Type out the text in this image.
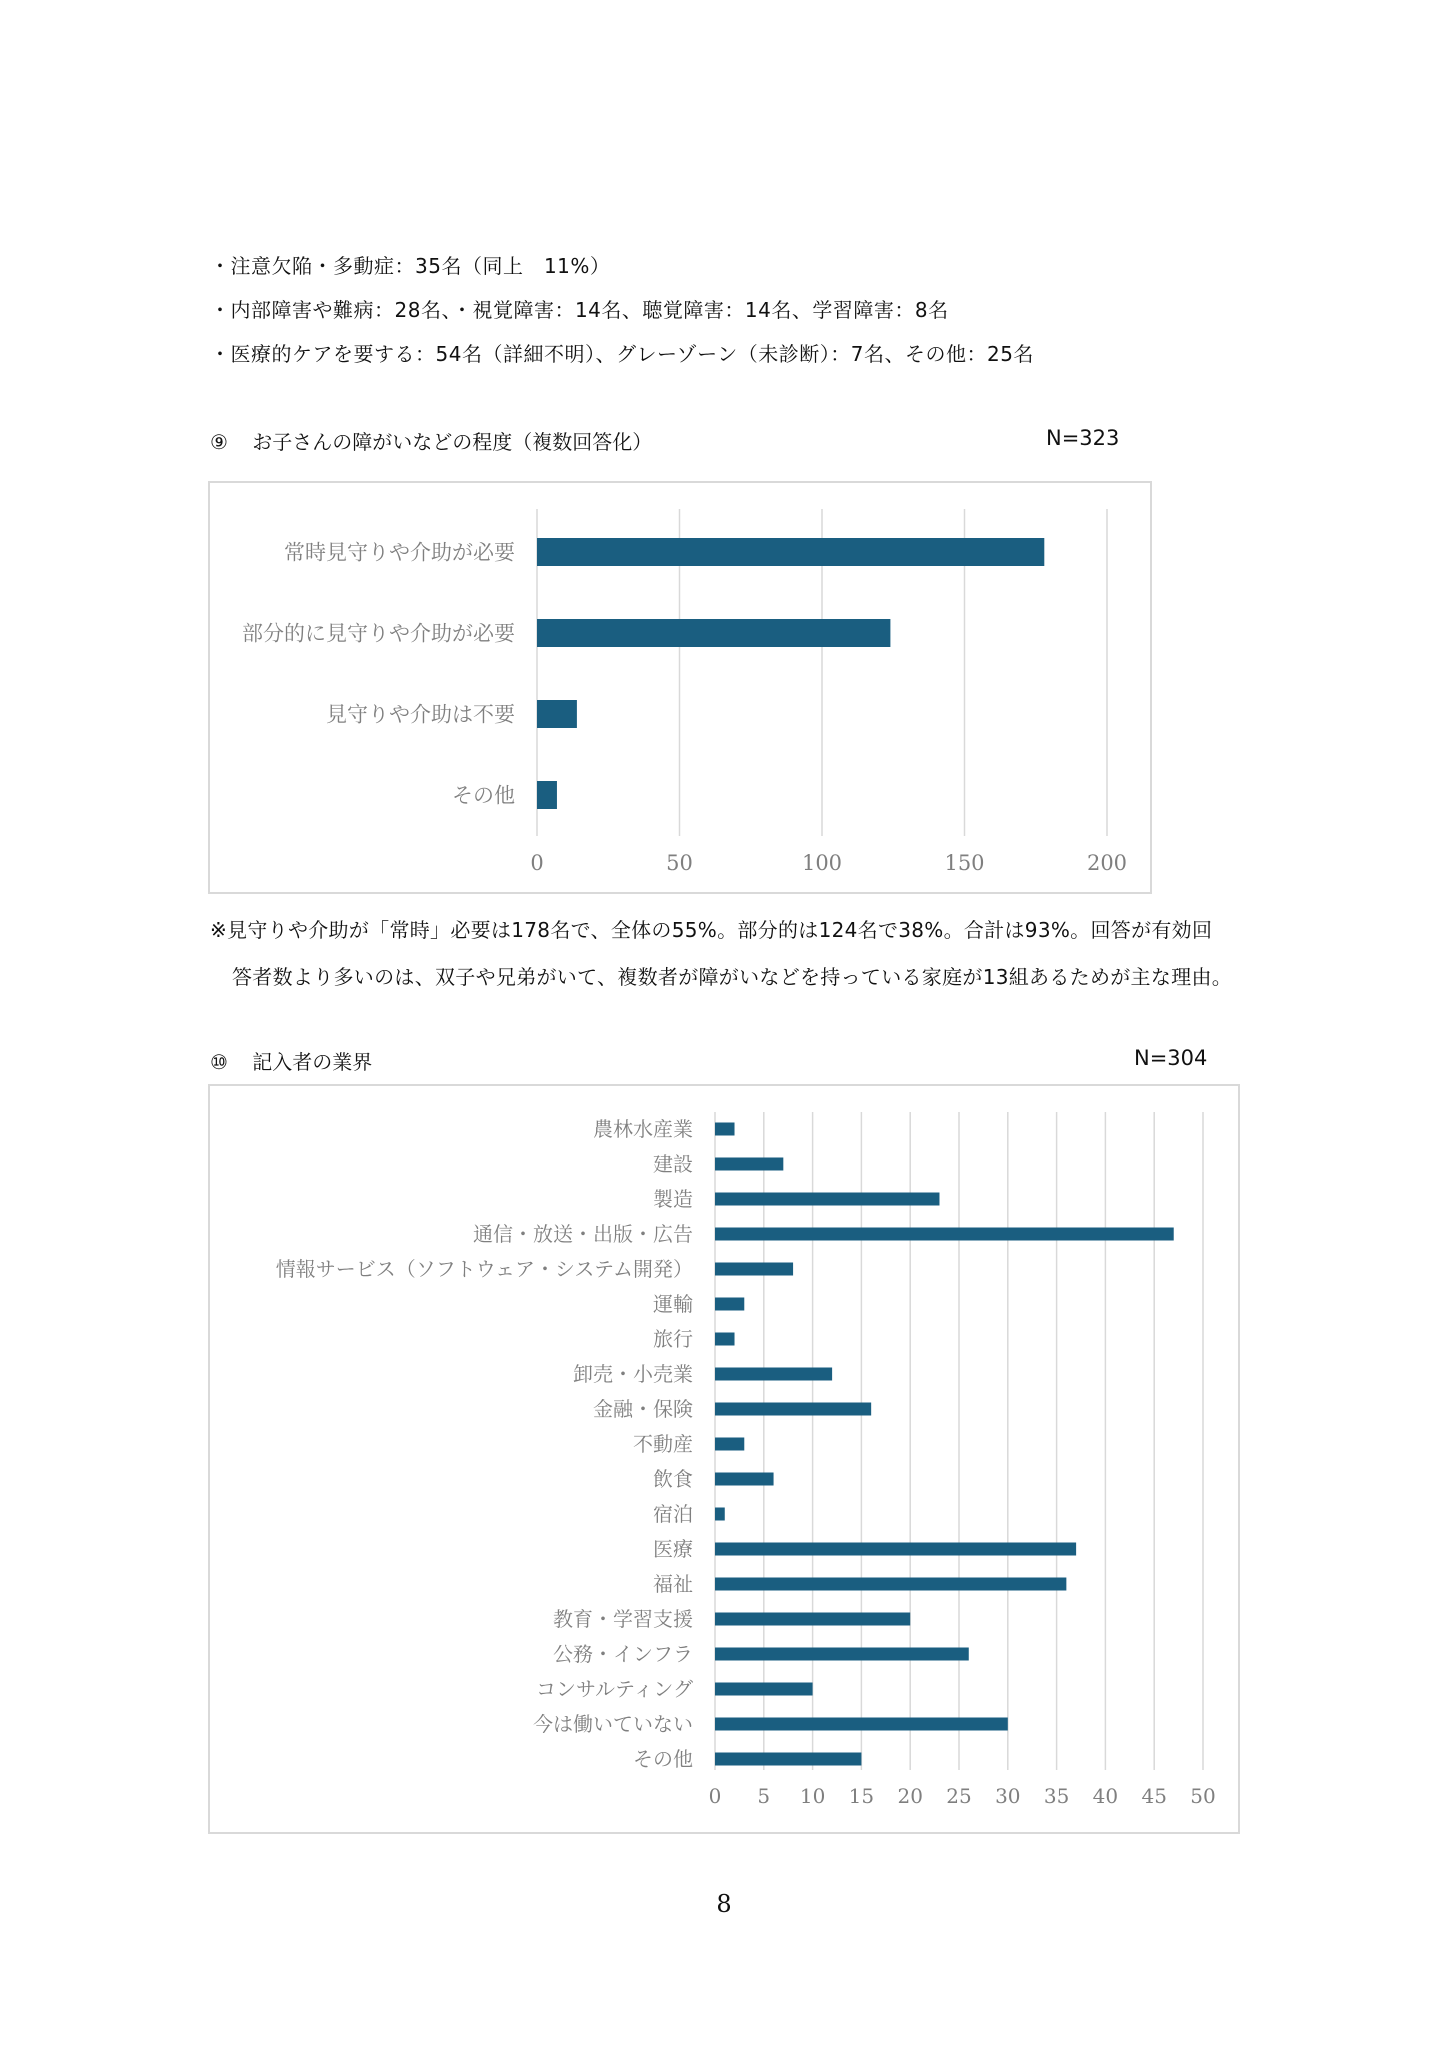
・注意欠陥・多動症：35名（同上　11%）
・内部障害や難病：28名、・視覚障害：14名、聴覚障害：14名、学習障害：8名
・医療的ケアを要する：54名（詳細不明）、グレーゾーン（未診断）：7名、その他：25名
⑨ お子さんの障がいなどの程度（複数回答化）	N=323
0	50	100	150	200
常時見守りや介助が必要
部分的に見守りや介助が必要
見守りや介助は不要
その他
※見守りや介助が「常時」必要は178名で、全体の55%。部分的は124名で38%。合計は93%。回答が有効回
答者数より多いのは、双子や兄弟がいて、複数者が障がいなどを持っている家庭が13組あるためが主な理由。
⑩ 記入者の業界	N=304
0 5 10 15 20 25 30 35 40 45 50
農林水産業
建設
製造
通信・放送・出版・広告
情報サービス（ソフトウェア・システム開発）
運輸
旅行
卸売・小売業
金融・保険
不動産
飲食
宿泊
医療
福祉
教育・学習支援
公務・インフラ
コンサルティング
今は働いていない
その他
8
